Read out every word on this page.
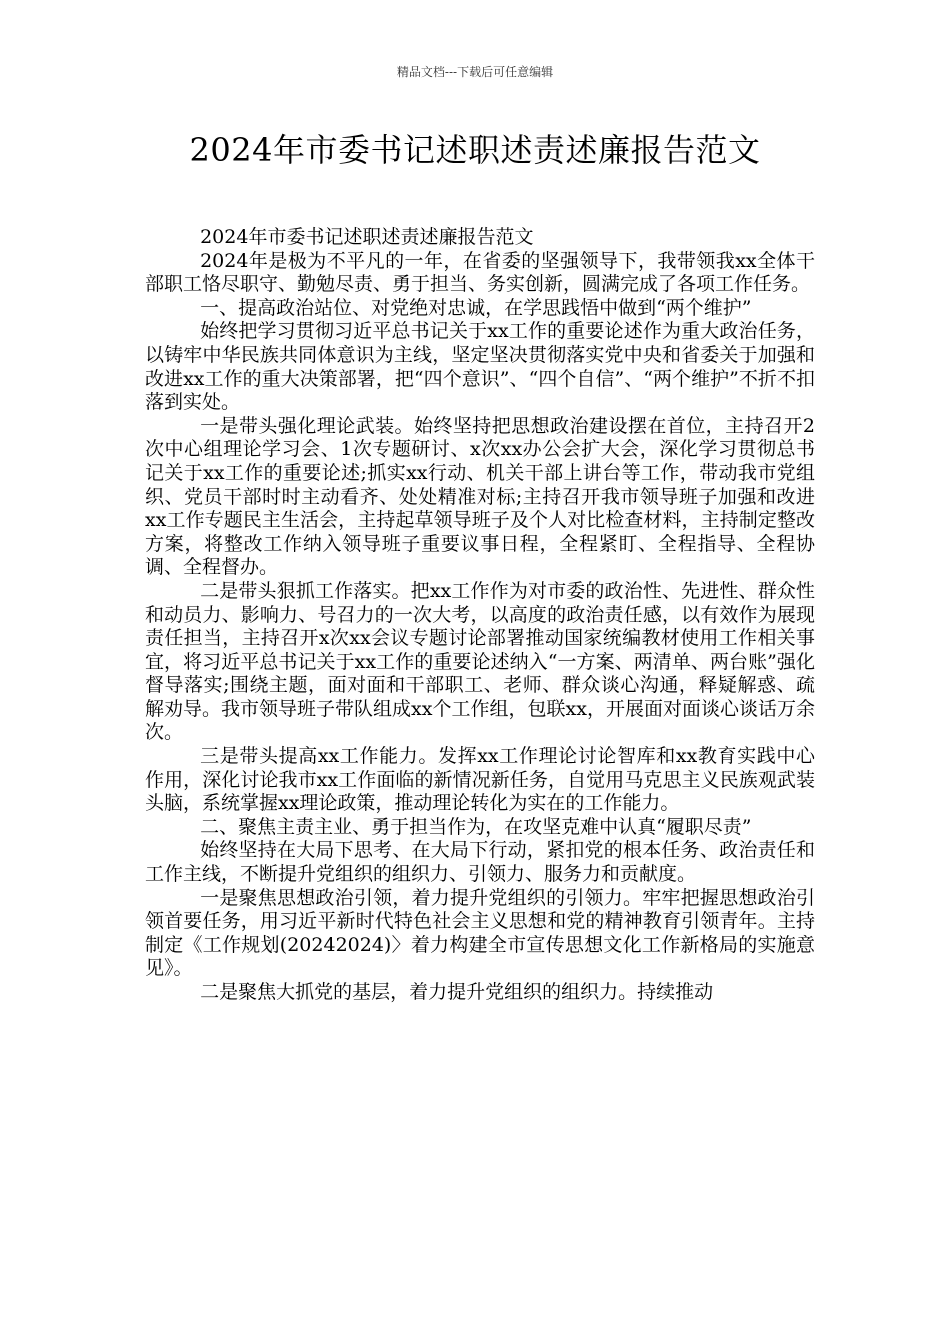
精品文档---下载后可任意编辑
2024年市委书记述职述责述廉报告范文

2024年市委书记述职述责述廉报告范文

2024年是极为不平凡的一年，在省委的坚强领导下，我带领我xx全体干部职工恪尽职守、勤勉尽责、勇于担当、务实创新，圆满完成了各项工作任务。

一、提高政治站位、对党绝对忠诚，在学思践悟中做到“两个维护”

始终把学习贯彻习近平总书记关于xx工作的重要论述作为重大政治任务，以铸牢中华民族共同体意识为主线，坚定坚决贯彻落实党中央和省委关于加强和改进xx工作的重大决策部署，把“四个意识”、“四个自信”、“两个维护”不折不扣落到实处。

一是带头强化理论武装。始终坚持把思想政治建设摆在首位，主持召开2次中心组理论学习会、1次专题研讨、x次xx办公会扩大会，深化学习贯彻总书记关于xx工作的重要论述;抓实xx行动、机关干部上讲台等工作，带动我市党组织、党员干部时时主动看齐、处处精准对标;主持召开我市领导班子加强和改进xx工作专题民主生活会，主持起草领导班子及个人对比检查材料，主持制定整改方案，将整改工作纳入领导班子重要议事日程，全程紧盯、全程指导、全程协调、全程督办。

二是带头狠抓工作落实。把xx工作作为对市委的政治性、先进性、群众性和动员力、影响力、号召力的一次大考，以高度的政治责任感，以有效作为展现责任担当，主持召开x次xx会议专题讨论部署推动国家统编教材使用工作相关事宜，将习近平总书记关于xx工作的重要论述纳入“一方案、两清单、两台账”强化督导落实;围绕主题，面对面和干部职工、老师、群众谈心沟通，释疑解惑、疏解劝导。我市领导班子带队组成xx个工作组，包联xx，开展面对面谈心谈话万余次。

三是带头提高xx工作能力。发挥xx工作理论讨论智库和xx教育实践中心作用，深化讨论我市xx工作面临的新情况新任务，自觉用马克思主义民族观武装头脑，系统掌握xx理论政策，推动理论转化为实在的工作能力。

二、聚焦主责主业、勇于担当作为，在攻坚克难中认真“履职尽责”

始终坚持在大局下思考、在大局下行动，紧扣党的根本任务、政治责任和工作主线，不断提升党组织的组织力、引领力、服务力和贡献度。

一是聚焦思想政治引领，着力提升党组织的引领力。牢牢把握思想政治引领首要任务，用习近平新时代特色社会主义思想和党的精神教育引领青年。主持制定《工作规划(20242024)〉着力构建全市宣传思想文化工作新格局的实施意见》。

二是聚焦大抓党的基层，着力提升党组织的组织力。持续推动
